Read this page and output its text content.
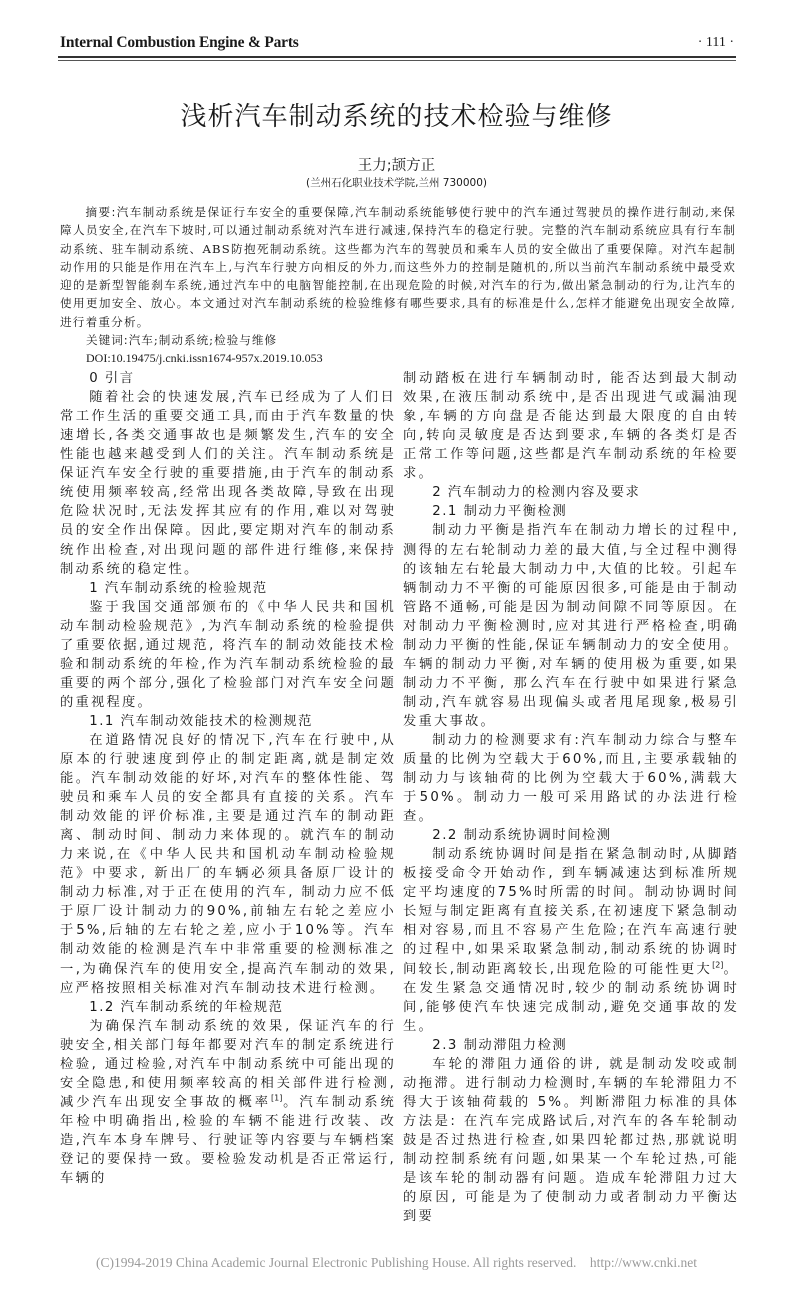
Internal Combustion Engine & Parts	· 111 ·
浅析汽车制动系统的技术检验与维修
王力;颉方正
(兰州石化职业技术学院,兰州 730000)
摘要:汽车制动系统是保证行车安全的重要保障,汽车制动系统能够使行驶中的汽车通过驾驶员的操作进行制动,来保障人员安全,在汽车下坡时,可以通过制动系统对汽车进行减速,保持汽车的稳定行驶。完整的汽车制动系统应具有行车制动系统、驻车制动系统、ABS防抱死制动系统。这些都为汽车的驾驶员和乘车人员的安全做出了重要保障。对汽车起制动作用的只能是作用在汽车上,与汽车行驶方向相反的外力,而这些外力的控制是随机的,所以当前汽车制动系统中最受欢迎的是新型智能刹车系统,通过汽车中的电脑智能控制,在出现危险的时候,对汽车的行为,做出紧急制动的行为,让汽车的使用更加安全、放心。本文通过对汽车制动系统的检验维修有哪些要求,具有的标准是什么,怎样才能避免出现安全故障,进行着重分析。
关键词:汽车;制动系统;检验与维修
DOI:10.19475/j.cnki.issn1674-957x.2019.10.053

0 引言

随着社会的快速发展,汽车已经成为了人们日常工作生活的重要交通工具,而由于汽车数量的快速增长,各类交通事故也是频繁发生,汽车的安全性能也越来越受到人们的关注。汽车制动系统是保证汽车安全行驶的重要措施,由于汽车的制动系统使用频率较高,经常出现各类故障,导致在出现危险状况时,无法发挥其应有的作用,难以对驾驶员的安全作出保障。因此,要定期对汽车的制动系统作出检查,对出现问题的部件进行维修,来保持制动系统的稳定性。

1 汽车制动系统的检验规范

鉴于我国交通部颁布的《中华人民共和国机动车制动检验规范》,为汽车制动系统的检验提供了重要依据,通过规范, 将汽车的制动效能技术检验和制动系统的年检,作为汽车制动系统检验的最重要的两个部分,强化了检验部门对汽车安全问题的重视程度。

1.1 汽车制动效能技术的检测规范

在道路情况良好的情况下,汽车在行驶中,从原本的行驶速度到停止的制定距离,就是制定效能。汽车制动效能的好坏,对汽车的整体性能、驾驶员和乘车人员的安全都具有直接的关系。汽车制动效能的评价标准,主要是通过汽车的制动距离、制动时间、制动力来体现的。就汽车的制动力来说,在《中华人民共和国机动车制动检验规范》中要求, 新出厂的车辆必须具备原厂设计的制动力标准,对于正在使用的汽车, 制动力应不低于原厂设计制动力的90%,前轴左右轮之差应小于5%,后轴的左右轮之差,应小于10%等。汽车制动效能的检测是汽车中非常重要的检测标准之一,为确保汽车的使用安全,提高汽车制动的效果,应严格按照相关标准对汽车制动技术进行检测。

1.2 汽车制动系统的年检规范

为确保汽车制动系统的效果, 保证汽车的行驶安全,相关部门每年都要对汽车的制定系统进行检验, 通过检验,对汽车中制动系统中可能出现的安全隐患,和使用频率较高的相关部件进行检测,减少汽车出现安全事故的概率[1]。汽车制动系统年检中明确指出,检验的车辆不能进行改装、改造,汽车本身车牌号、行驶证等内容要与车辆档案登记的要保持一致。要检验发动机是否正常运行,车辆的

制动踏板在进行车辆制动时, 能否达到最大制动效果,在液压制动系统中,是否出现进气或漏油现象,车辆的方向盘是否能达到最大限度的自由转向,转向灵敏度是否达到要求,车辆的各类灯是否正常工作等问题,这些都是汽车制动系统的年检要求。

2 汽车制动力的检测内容及要求

2.1 制动力平衡检测

制动力平衡是指汽车在制动力增长的过程中,测得的左右轮制动力差的最大值,与全过程中测得的该轴左右轮最大制动力中,大值的比较。引起车辆制动力不平衡的可能原因很多,可能是由于制动管路不通畅,可能是因为制动间隙不同等原因。在对制动力平衡检测时,应对其进行严格检查,明确制动力平衡的性能,保证车辆制动力的安全使用。车辆的制动力平衡,对车辆的使用极为重要,如果制动力不平衡, 那么汽车在行驶中如果进行紧急制动,汽车就容易出现偏头或者甩尾现象,极易引发重大事故。

制动力的检测要求有:汽车制动力综合与整车质量的比例为空载大于60%,而且,主要承载轴的制动力与该轴荷的比例为空载大于60%,满载大于50%。制动力一般可采用路试的办法进行检查。

2.2 制动系统协调时间检测

制动系统协调时间是指在紧急制动时,从脚踏板接受命令开始动作, 到车辆减速达到标准所规定平均速度的75%时所需的时间。制动协调时间长短与制定距离有直接关系,在初速度下紧急制动相对容易,而且不容易产生危险;在汽车高速行驶的过程中,如果采取紧急制动,制动系统的协调时间较长,制动距离较长,出现危险的可能性更大[2]。在发生紧急交通情况时,较少的制动系统协调时间,能够使汽车快速完成制动,避免交通事故的发生。

2.3 制动滞阻力检测

车轮的滞阻力通俗的讲, 就是制动发咬或制动拖滞。进行制动力检测时,车辆的车轮滞阻力不得大于该轴荷载的 5%。判断滞阻力标准的具体方法是: 在汽车完成路试后,对汽车的各车轮制动鼓是否过热进行检查,如果四轮都过热,那就说明制动控制系统有问题,如果某一个车轮过热,可能是该车轮的制动器有问题。造成车轮滞阻力过大的原因, 可能是为了使制动力或者制动力平衡达到要

(C)1994-2019 China Academic Journal Electronic Publishing House. All rights reserved.    http://www.cnki.net
